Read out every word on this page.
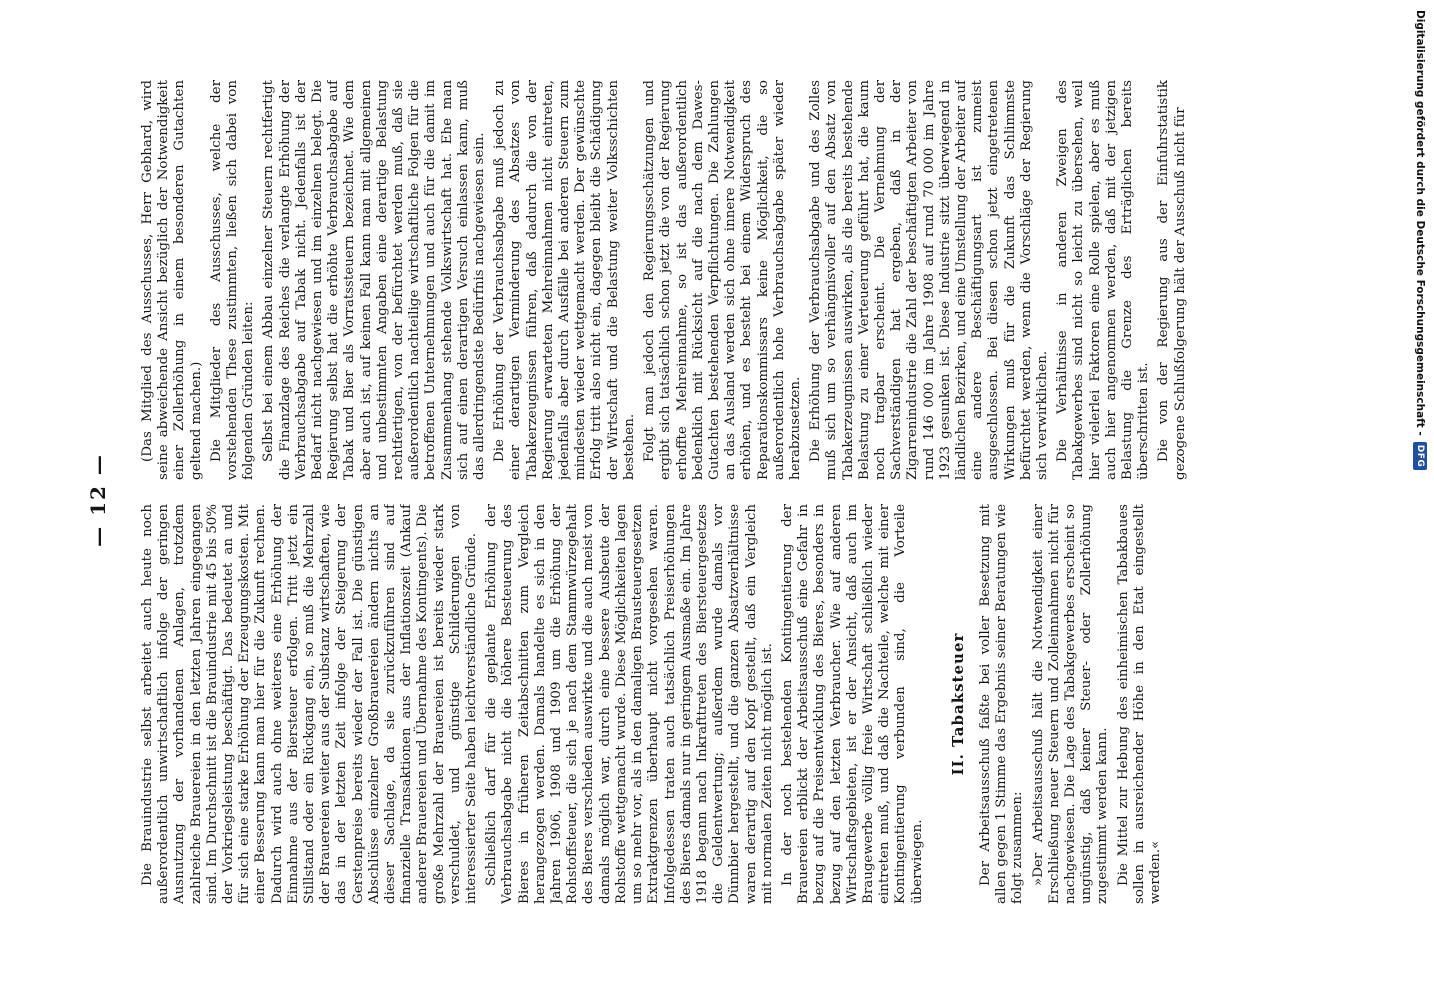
— 12 —

Die Brauindustrie selbst arbeitet auch heute noch außerordentlich unwirtschaftlich infolge der geringen Ausnutzung der vorhandenen Anlagen, trotzdem zahlreiche Brauereien in den letzten Jahren eingegangen sind. Im Durchschnitt ist die Brauindustrie mit 45 bis 50% der Vorkriegsleistung beschäftigt. Das bedeutet an und für sich eine starke Erhöhung der Erzeugungskosten. Mit einer Besserung kann man hier für die Zukunft rechnen. Dadurch wird auch ohne weiteres eine Erhöhung der Einnahme aus der Biersteuer erfolgen. Tritt jetzt ein Stillstand oder ein Rückgang ein, so muß die Mehrzahl der Brauereien weiter aus der Substanz wirtschaften, wie das in der letzten Zeit infolge der Steigerung der Gerstenpreise bereits wieder der Fall ist. Die günstigen Abschlüsse einzelner Großbrauereien ändern nichts an dieser Sachlage, da sie zurückzuführen sind auf finanzielle Transaktionen aus der Inflationszeit (Ankauf anderer Brauereien und Übernahme des Kontingents). Die große Mehrzahl der Brauereien ist bereits wieder stark verschuldet, und günstige Schilderungen von interessierter Seite haben leichtverständliche Gründe. Schließlich darf für die geplante Erhöhung der Verbrauchsabgabe nicht die höhere Besteuerung des Bieres in früheren Zeitabschnitten zum Vergleich herangezogen werden. Damals handelte es sich in den Jahren 1906, 1908 und 1909 um die Erhöhung der Rohstoffsteuer, die sich je nach dem Stammwürzegehalt des Bieres verschieden auswirkte und die auch meist von damals möglich war, durch eine bessere Ausbeute der Rohstoffe wettgemacht wurde. Diese Möglichkeiten lagen um so mehr vor, als in den damaligen Brausteuergesetzen Extraktgrenzen überhaupt nicht vorgesehen waren. Infolgedessen traten auch tatsächlich Preiserhöhungen des Bieres damals nur in geringem Ausmaße ein. Im Jahre 1918 begann nach Inkrafttreten des Biersteuergesetzes die Geldentwertung; außerdem wurde damals vor Dünnbier hergestellt, und die ganzen Absatzverhältnisse waren derartig auf den Kopf gestellt, daß ein Vergleich mit normalen Zeiten nicht möglich ist. In der noch bestehenden Kontingentierung der Brauereien erblickt der Arbeitsausschuß eine Gefahr in bezug auf die Preisentwicklung des Bieres, besonders in bezug auf den letzten Verbraucher. Wie auf anderen Wirtschaftsgebieten, ist er der Ansicht, daß auch im Braugewerbe völlig freie Wirtschaft schließlich wieder eintreten muß, und daß die Nachteile, welche mit einer Kontingentierung verbunden sind, die Vorteile überwiegen.

II. Tabaksteuer Der Arbeitsausschuß faßte bei voller Besetzung mit allen gegen 1 Stimme das Ergebnis seiner Beratungen wie folgt zusammen: »Der Arbeitsausschuß hält die Notwendigkeit einer Erschließung neuer Steuern und Zolleinnahmen nicht für nachgewiesen. Die Lage des Tabakgewerbes erscheint so ungünstig, daß keiner Steuer- oder Zollerhöhung zugestimmt werden kann. Die Mittel zur Hebung des einheimischen Tabakbaues sollen in ausreichender Höhe in den Etat eingestellt werden.«

(Das Mitglied des Ausschusses, Herr Gebhard, wird seine abweichende Ansicht bezüglich der Notwendigkeit einer Zollerhöhung in einem besonderen Gutachten geltend machen.) Die Mitglieder des Ausschusses, welche der vorstehenden These zustimmten, ließen sich dabei von folgenden Gründen leiten: Selbst bei einem Abbau einzelner Steuern rechtfertigt die Finanzlage des Reiches die verlangte Erhöhung der Verbrauchsabgabe auf Tabak nicht. Jedenfalls ist der Bedarf nicht nachgewiesen und im einzelnen belegt. Die Regierung selbst hat die erhöhte Verbrauchsabgabe auf Tabak und Bier als Vorratssteuern bezeichnet. Wie dem aber auch ist, auf keinen Fall kann man mit allgemeinen und unbestimmten Angaben eine derartige Belastung rechtfertigen, von der befürchtet werden muß, daß sie außerordentlich nachteilige wirtschaftliche Folgen für die betroffenen Unternehmungen und auch für die damit im Zusammenhang stehende Volkswirtschaft hat. Ehe man sich auf einen derartigen Versuch einlassen kann, muß das allerdringendste Bedürfnis nachgewiesen sein. Die Erhöhung der Verbrauchsabgabe muß jedoch zu einer derartigen Verminderung des Absatzes von Tabakerzeugnissen führen, daß dadurch die von der Regierung erwarteten Mehreinnahmen nicht eintreten, jedenfalls aber durch Ausfälle bei anderen Steuern zum mindesten wieder wettgemacht werden. Der gewünschte Erfolg tritt also nicht ein, dagegen bleibt die Schädigung der Wirtschaft und die Belastung weiter Volksschichten bestehen. Folgt man jedoch den Regierungsschätzungen und ergibt sich tatsächlich schon jetzt die von der Regierung erhoffte Mehreinnahme, so ist das außerordentlich bedenklich mit Rücksicht auf die nach dem Dawes-Gutachten bestehenden Verpflichtungen. Die Zahlungen an das Ausland werden sich ohne innere Notwendigkeit erhöhen, und es besteht bei einem Widerspruch des Reparationskommissars keine Möglichkeit, die so außerordentlich hohe Verbrauchsabgabe später wieder herabzusetzen. Die Erhöhung der Verbrauchsabgabe und des Zolles muß sich um so verhängnisvoller auf den Absatz von Tabakerzeugnissen auswirken, als die bereits bestehende Belastung zu einer Verteuerung geführt hat, die kaum noch tragbar erscheint. Die Vernehmung der Sachverständigen hat ergeben, daß in der Zigarrenindustrie die Zahl der beschäftigten Arbeiter von rund 146 000 im Jahre 1908 auf rund 70 000 im Jahre 1923 gesunken ist. Diese Industrie sitzt überwiegend in ländlichen Bezirken, und eine Umstellung der Arbeiter auf eine andere Beschäftigungsart ist zumeist ausgeschlossen. Bei diesen schon jetzt eingetretenen Wirkungen muß für die Zukunft das Schlimmste befürchtet werden, wenn die Vorschläge der Regierung sich verwirklichen. Die Verhältnisse in anderen Zweigen des Tabakgewerbes sind nicht so leicht zu übersehen, weil hier vielerlei Faktoren eine Rolle spielen, aber es muß auch hier angenommen werden, daß mit der jetzigen Belastung die Grenze des Erträglichen bereits überschritten ist. Die von der Regierung aus der Einfuhrstatistik gezogene Schlußfolgerung hält der Ausschuß nicht für	Digitalisierung gefördert durch die Deutsche Forschungsgemeinschaft -
DFG
